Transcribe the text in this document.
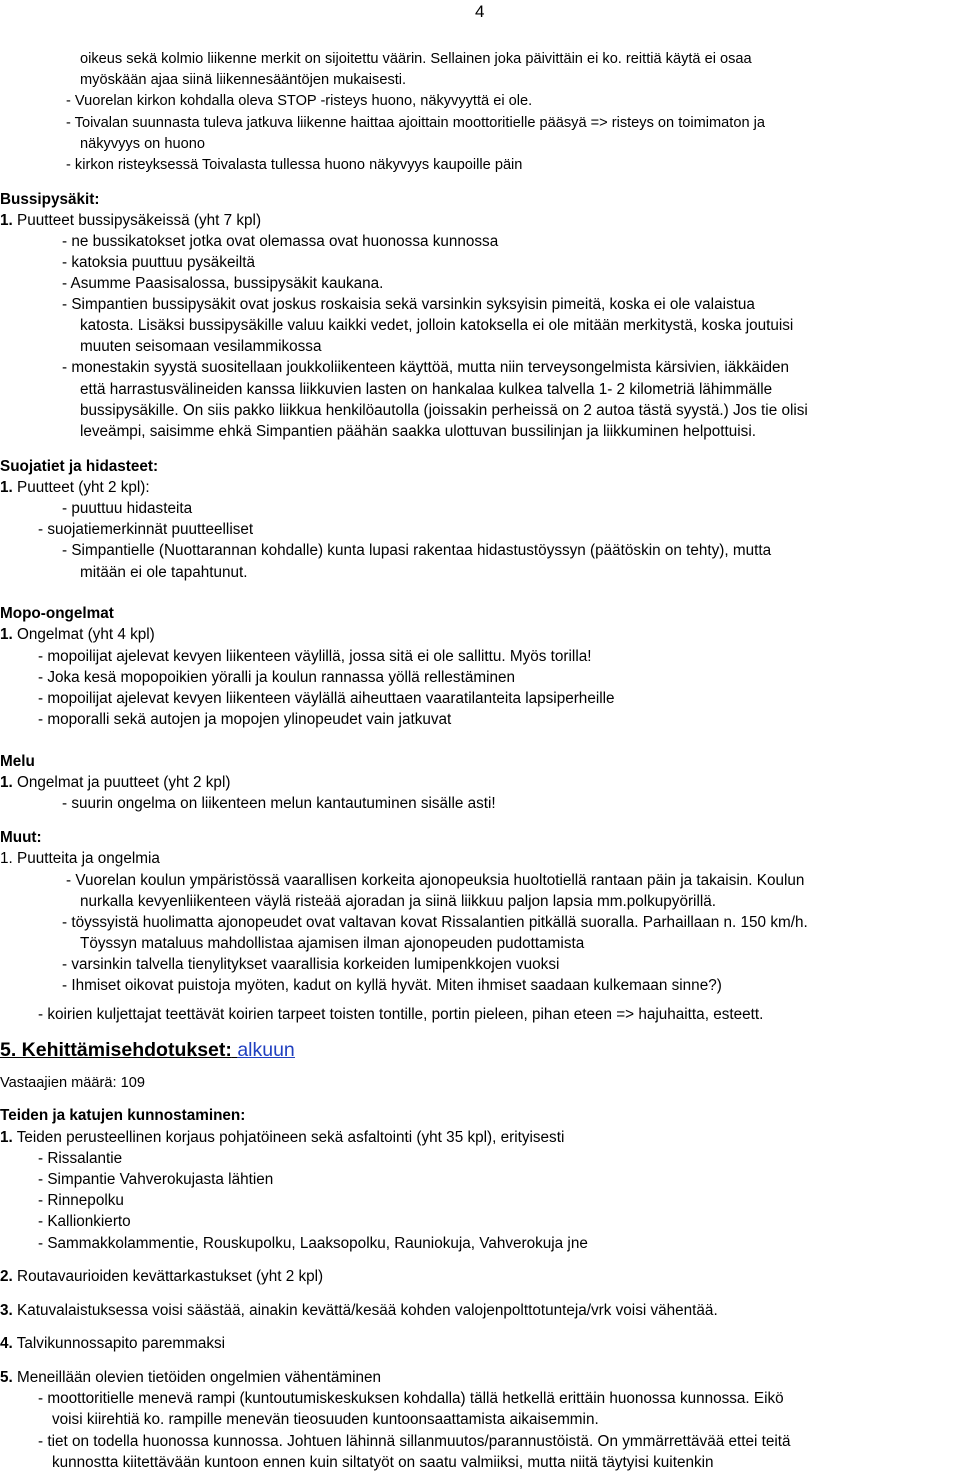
4
oikeus sekä kolmio liikenne merkit on sijoitettu väärin. Sellainen joka päivittäin ei ko. reittiä käytä ei osaa
myöskään ajaa siinä liikennesääntöjen mukaisesti.
- Vuorelan kirkon kohdalla oleva STOP -risteys huono, näkyvyyttä ei ole.
- Toivalan suunnasta tuleva jatkuva liikenne haittaa ajoittain moottoritielle pääsyä => risteys on toimimaton ja
näkyvyys on huono
- kirkon risteyksessä Toivalasta tullessa huono näkyvyys kaupoille päin
Bussipysäkit:
1. Puutteet bussipysäkeissä (yht 7 kpl)
- ne bussikatokset jotka ovat olemassa ovat huonossa kunnossa
- katoksia puuttuu pysäkeiltä
- Asumme Paasisalossa, bussipysäkit kaukana.
- Simpantien bussipysäkit ovat joskus roskaisia sekä varsinkin syksyisin pimeitä, koska ei ole valaistua
katosta. Lisäksi bussipysäkille valuu kaikki vedet, jolloin katoksella ei ole mitään merkitystä, koska joutuisi
muuten seisomaan vesilammikossa
- monestakin syystä suositellaan joukkoliikenteen käyttöä, mutta niin terveysongelmista kärsivien, iäkkäiden
että harrastusvälineiden kanssa liikkuvien lasten on hankalaa kulkea talvella 1- 2 kilometriä lähimmälle
bussipysäkille. On siis pakko liikkua henkilöautolla (joissakin perheissä on 2 autoa tästä syystä.) Jos tie olisi
leveämpi, saisimme ehkä Simpantien päähän saakka ulottuvan bussilinjan ja liikkuminen helpottuisi.
Suojatiet ja hidasteet:
1. Puutteet (yht 2 kpl):
- puuttuu hidasteita
- suojatiemerkinnät puutteelliset
- Simpantielle (Nuottarannan kohdalle) kunta lupasi rakentaa hidastustöyssyn (päätöskin on tehty), mutta
mitään ei ole tapahtunut.
Mopo-ongelmat
1. Ongelmat (yht 4 kpl)
- mopoilijat ajelevat kevyen liikenteen väylillä, jossa sitä ei ole sallittu. Myös torilla!
- Joka kesä mopopoikien yöralli ja koulun rannassa yöllä rellestäminen
- mopoilijat ajelevat kevyen liikenteen väylällä aiheuttaen vaaratilanteita lapsiperheille
- moporalli sekä autojen ja mopojen ylinopeudet vain jatkuvat
Melu
1. Ongelmat ja puutteet (yht 2 kpl)
- suurin ongelma on liikenteen melun kantautuminen sisälle asti!
Muut:
1. Puutteita ja ongelmia
- Vuorelan koulun ympäristössä vaarallisen korkeita ajonopeuksia huoltotiellä rantaan päin ja takaisin. Koulun
nurkalla kevyenliikenteen väylä risteää ajoradan ja siinä liikkuu paljon lapsia mm.polkupyörillä.
- töyssyistä huolimatta ajonopeudet ovat valtavan kovat Rissalantien pitkällä suoralla. Parhaillaan n. 150 km/h.
Töyssyn mataluus mahdollistaa ajamisen ilman ajonopeuden pudottamista
- varsinkin talvella tienylitykset vaarallisia korkeiden lumipenkkojen vuoksi
- Ihmiset oikovat puistoja myöten, kadut on kyllä hyvät. Miten ihmiset saadaan kulkemaan sinne?)
- koirien kuljettajat teettävät koirien tarpeet toisten tontille, portin pieleen, pihan eteen => hajuhaitta, esteett.
5. Kehittämisehdotukset: alkuun
Vastaajien määrä: 109
Teiden ja katujen kunnostaminen:
1. Teiden perusteellinen korjaus pohjatöineen sekä asfaltointi (yht 35 kpl), erityisesti
- Rissalantie
- Simpantie Vahverokujasta lähtien
- Rinnepolku
- Kallionkierto
- Sammakkolammentie, Rouskupolku, Laaksopolku, Rauniokuja, Vahverokuja jne
2. Routavaurioiden kevättarkastukset (yht 2 kpl)
3. Katuvalaistuksessa voisi säästää, ainakin kevättä/kesää kohden valojenpolttotunteja/vrk voisi vähentää.
4. Talvikunnossapito paremmaksi
5. Meneillään olevien tietöiden ongelmien vähentäminen
- moottoritielle menevä rampi (kuntoutumiskeskuksen kohdalla) tällä hetkellä erittäin huonossa kunnossa. Eikö
voisi kiirehtiä ko. rampille menevän tieosuuden kuntoonsaattamista aikaisemmin.
- tiet on todella huonossa kunnossa. Johtuen lähinnä sillanmuutos/parannustöistä. On ymmärrettävää ettei teitä
kunnostta kiitettävään kuntoon ennen kuin siltatyöt on saatu valmiiksi, mutta niitä täytyisi kuitenkin
